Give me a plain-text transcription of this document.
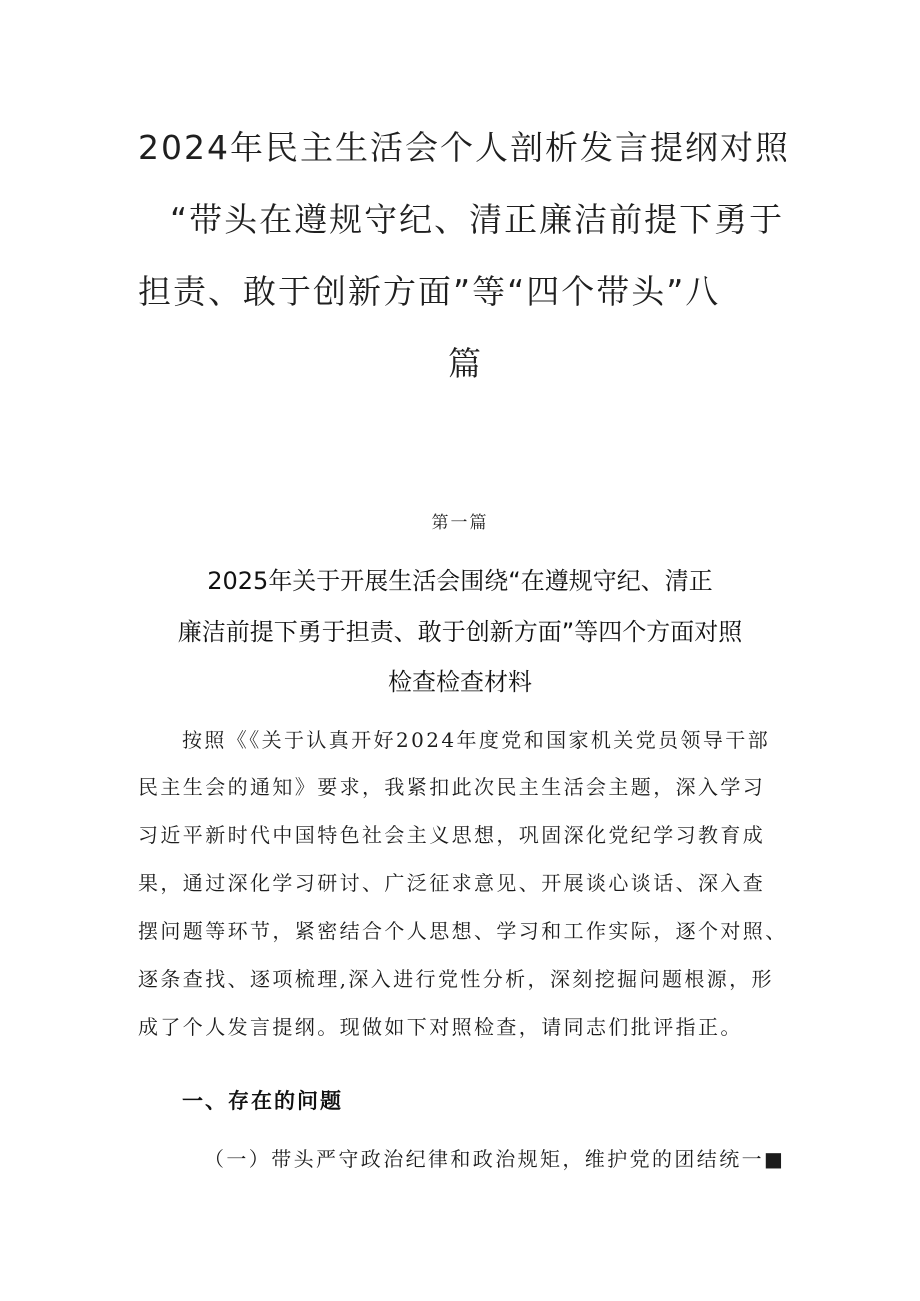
2024年民主生活会个人剖析发言提纲对照
“带头在遵规守纪、清正廉洁前提下勇于
担责、敢于创新方面”等“四个带头”八
篇
第一篇
2025年关于开展生活会围绕“在遵规守纪、清正
廉洁前提下勇于担责、敢于创新方面”等四个方面对照
检查检查材料
按照《《关于认真开好2024年度党和国家机关党员领导干部
民主生会的通知》要求，我紧扣此次民主生活会主题，深入学习
习近平新时代中国特色社会主义思想，巩固深化党纪学习教育成
果，通过深化学习研讨、广泛征求意见、开展谈心谈话、深入查
摆问题等环节，紧密结合个人思想、学习和工作实际，逐个对照、
逐条查找、逐项梳理,深入进行党性分析，深刻挖掘问题根源，形
成了个人发言提纲。现做如下对照检查，请同志们批评指正。
一、存在的问题
（一）带头严守政治纪律和政治规矩，维护党的团结统一■
